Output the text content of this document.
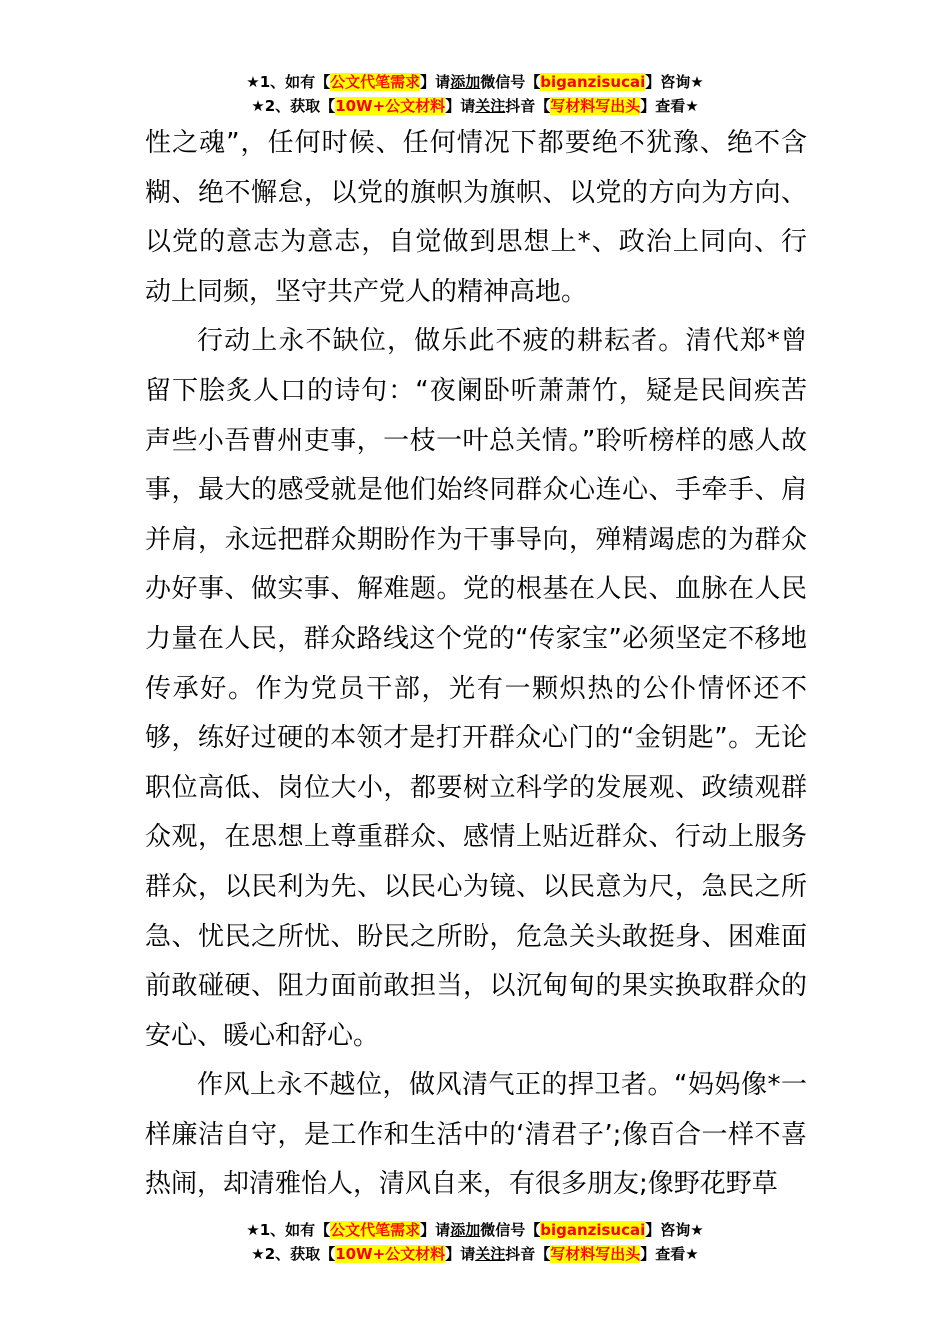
★1、如有【公文代笔需求】请添加微信号【biganzisucai】咨询★
★2、获取【10W+公文材料】请关注抖音【写材料写出头】查看★

性之魂”，任何时候、任何情况下都要绝不犹豫、绝不含糊、绝不懈怠，以党的旗帜为旗帜、以党的方向为方向、以党的意志为意志，自觉做到思想上*、政治上同向、行动上同频，坚守共产党人的精神高地。

行动上永不缺位，做乐此不疲的耕耘者。清代郑*曾留下脍炙人口的诗句：“夜阑卧听萧萧竹，疑是民间疾苦声些小吾曹州吏事，一枝一叶总关情。”聆听榜样的感人故事，最大的感受就是他们始终同群众心连心、手牵手、肩并肩，永远把群众期盼作为干事导向，殚精竭虑的为群众办好事、做实事、解难题。党的根基在人民、血脉在人民力量在人民，群众路线这个党的“传家宝”必须坚定不移地传承好。作为党员干部，光有一颗炽热的公仆情怀还不够，练好过硬的本领才是打开群众心门的“金钥匙”。无论职位高低、岗位大小，都要树立科学的发展观、政绩观群众观，在思想上尊重群众、感情上贴近群众、行动上服务群众，以民利为先、以民心为镜、以民意为尺，急民之所急、忧民之所忧、盼民之所盼，危急关头敢挺身、困难面前敢碰硬、阻力面前敢担当，以沉甸甸的果实换取群众的安心、暖心和舒心。

作风上永不越位，做风清气正的捍卫者。“妈妈像*一样廉洁自守，是工作和生活中的‘清君子’;像百合一样不喜热闹，却清雅怡人，清风自来，有很多朋友;像野花野草

★1、如有【公文代笔需求】请添加微信号【biganzisucai】咨询★
★2、获取【10W+公文材料】请关注抖音【写材料写出头】查看★
